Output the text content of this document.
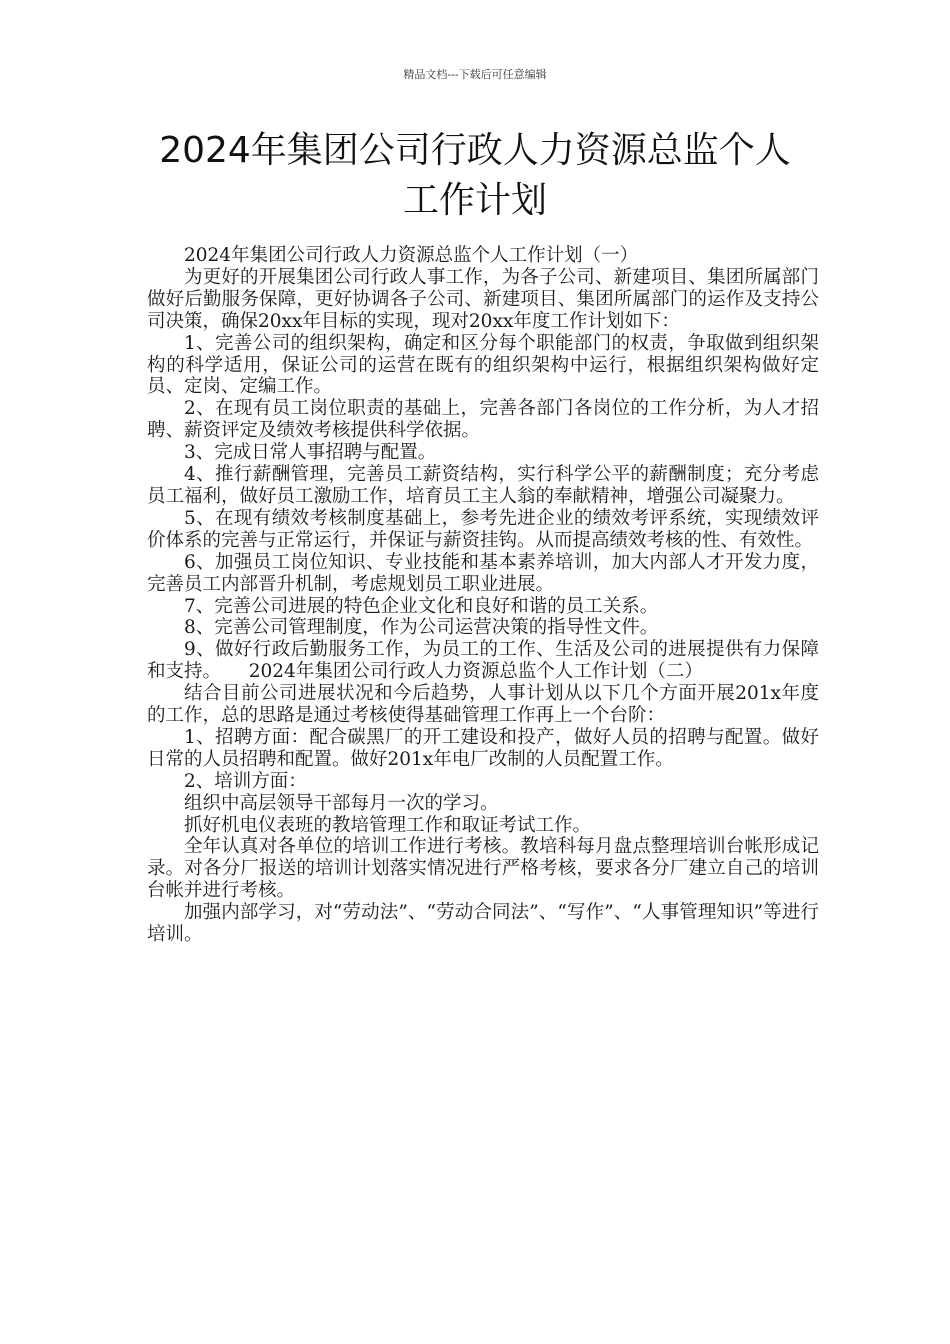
精品文档---下载后可任意编辑
2024年集团公司行政人力资源总监个人
工作计划

2024年集团公司行政人力资源总监个人工作计划（一）

为更好的开展集团公司行政人事工作，为各子公司、新建项目、集团所属部门做好后勤服务保障，更好协调各子公司、新建项目、集团所属部门的运作及支持公司决策，确保20xx年目标的实现，现对20xx年度工作计划如下：

1、完善公司的组织架构，确定和区分每个职能部门的权责，争取做到组织架构的科学适用，保证公司的运营在既有的组织架构中运行，根据组织架构做好定员、定岗、定编工作。

2、在现有员工岗位职责的基础上，完善各部门各岗位的工作分析，为人才招聘、薪资评定及绩效考核提供科学依据。

3、完成日常人事招聘与配置。

4、推行薪酬管理，完善员工薪资结构，实行科学公平的薪酬制度；充分考虑员工福利，做好员工激励工作，培育员工主人翁的奉献精神，增强公司凝聚力。

5、在现有绩效考核制度基础上，参考先进企业的绩效考评系统，实现绩效评价体系的完善与正常运行，并保证与薪资挂钩。从而提高绩效考核的性、有效性。

6、加强员工岗位知识、专业技能和基本素养培训，加大内部人才开发力度，完善员工内部晋升机制，考虑规划员工职业进展。

7、完善公司进展的特色企业文化和良好和谐的员工关系。

8、完善公司管理制度，作为公司运营决策的指导性文件。

9、做好行政后勤服务工作，为员工的工作、生活及公司的进展提供有力保障和支持。　　2024年集团公司行政人力资源总监个人工作计划（二）

结合目前公司进展状况和今后趋势，人事计划从以下几个方面开展201x年度的工作，总的思路是通过考核使得基础管理工作再上一个台阶：

1、招聘方面：配合碳黑厂的开工建设和投产，做好人员的招聘与配置。做好日常的人员招聘和配置。做好201x年电厂改制的人员配置工作。

2、培训方面：

组织中高层领导干部每月一次的学习。

抓好机电仪表班的教培管理工作和取证考试工作。

全年认真对各单位的培训工作进行考核。教培科每月盘点整理培训台帐形成记录。对各分厂报送的培训计划落实情况进行严格考核，要求各分厂建立自己的培训台帐并进行考核。

加强内部学习，对“劳动法”、“劳动合同法”、“写作”、“人事管理知识”等进行培训。
